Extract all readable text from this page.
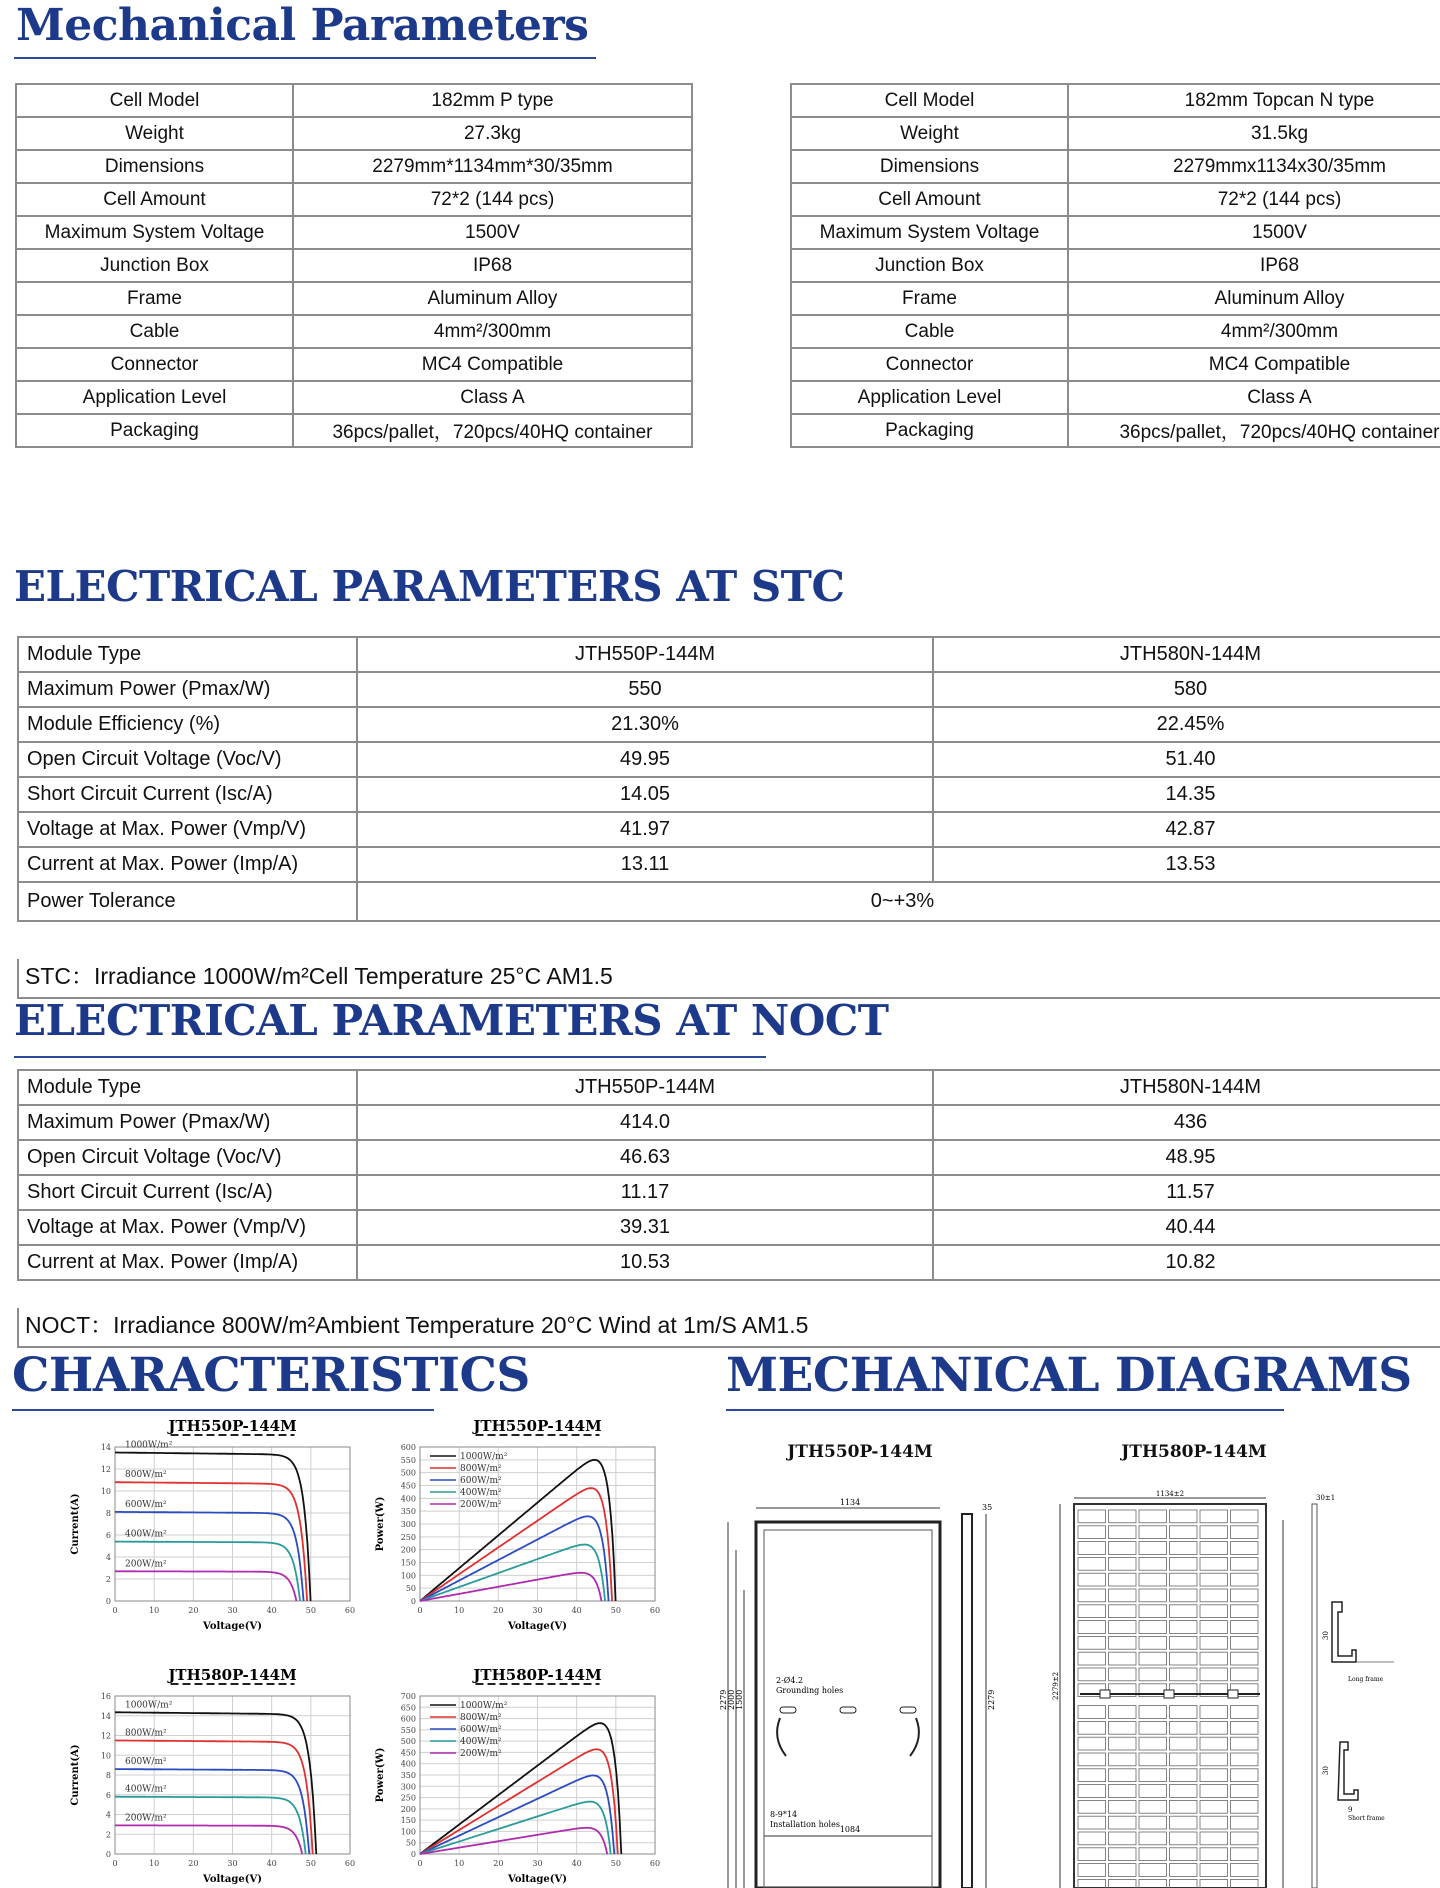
Mechanical Parameters
Cell Model	182mm P type
Weight	27.3kg
Dimensions	2279mm*1134mm*30/35mm
Cell Amount	72*2 (144 pcs)
Maximum System Voltage	1500V
Junction Box	IP68
Frame	Aluminum Alloy
Cable	4mm²/300mm
Connector	MC4 Compatible
Application Level	Class A
Packaging	36pcs/pallet，720pcs/40HQ container
Cell Model	182mm Topcan N type
Weight	31.5kg
Dimensions	2279mmx1134x30/35mm
Cell Amount	72*2 (144 pcs)
Maximum System Voltage	1500V
Junction Box	IP68
Frame	Aluminum Alloy
Cable	4mm²/300mm
Connector	MC4 Compatible
Application Level	Class A
Packaging	36pcs/pallet，720pcs/40HQ container
ELECTRICAL PARAMETERS AT STC
Module Type	JTH550P-144M	JTH580N-144M
Maximum Power (Pmax/W)	550	580
Module Efficiency (%)	21.30%	22.45%
Open Circuit Voltage (Voc/V)	49.95	51.40
Short Circuit Current (Isc/A)	14.05	14.35
Voltage at Max. Power (Vmp/V)	41.97	42.87
Current at Max. Power (Imp/A)	13.11	13.53
Power Tolerance	0~+3%	
STC：Irradiance 1000W/m²Cell Temperature 25°C AM1.5
ELECTRICAL PARAMETERS AT NOCT
Module Type	JTH550P-144M	JTH580N-144M
Maximum Power (Pmax/W)	414.0	436
Open Circuit Voltage (Voc/V)	46.63	48.95
Short Circuit Current (Isc/A)	11.17	11.57
Voltage at Max. Power (Vmp/V)	39.31	40.44
Current at Max. Power (Imp/A)	10.53	10.82
NOCT：Irradiance 800W/m²Ambient Temperature 20°C Wind at 1m/S AM1.5
CHARACTERISTICS
JTH550P-144M
0
2
4
6
8
10
12
14
0	10	20	30	40	50	60
Voltage(V)
Current(A)
1000W/m²
800W/m²
600W/m²
400W/m²
200W/m²
JTH550P-144M
0
50
100
150
200
250
300
350
400
450
500
550
600
0	10	20	30	40	50	60
Voltage(V)
Power(W)
1000W/m²
800W/m²
600W/m²
400W/m²
200W/m²
JTH580P-144M
0
2
4
6
8
10
12
14
16
0	10	20	30	40	50	60
Voltage(V)
Current(A)
1000W/m²
800W/m²
600W/m²
400W/m²
200W/m²
JTH580P-144M
0
50
100
150
200
250
300
350
400
450
500
550
600
650
700
0	10	20	30	40	50	60
Voltage(V)
Power(W)
1000W/m²
800W/m²
600W/m²
400W/m²
200W/m²
MECHANICAL DIAGRAMS
JTH550P-144M	JTH580P-144M
1134
2279 2000 1500
35
2279
2-Ø4.2
Grounding holes
8-9*14
Installation holes
1084
1134±2
2279±2
30±1
30
Long frame
30
9
Short frame
